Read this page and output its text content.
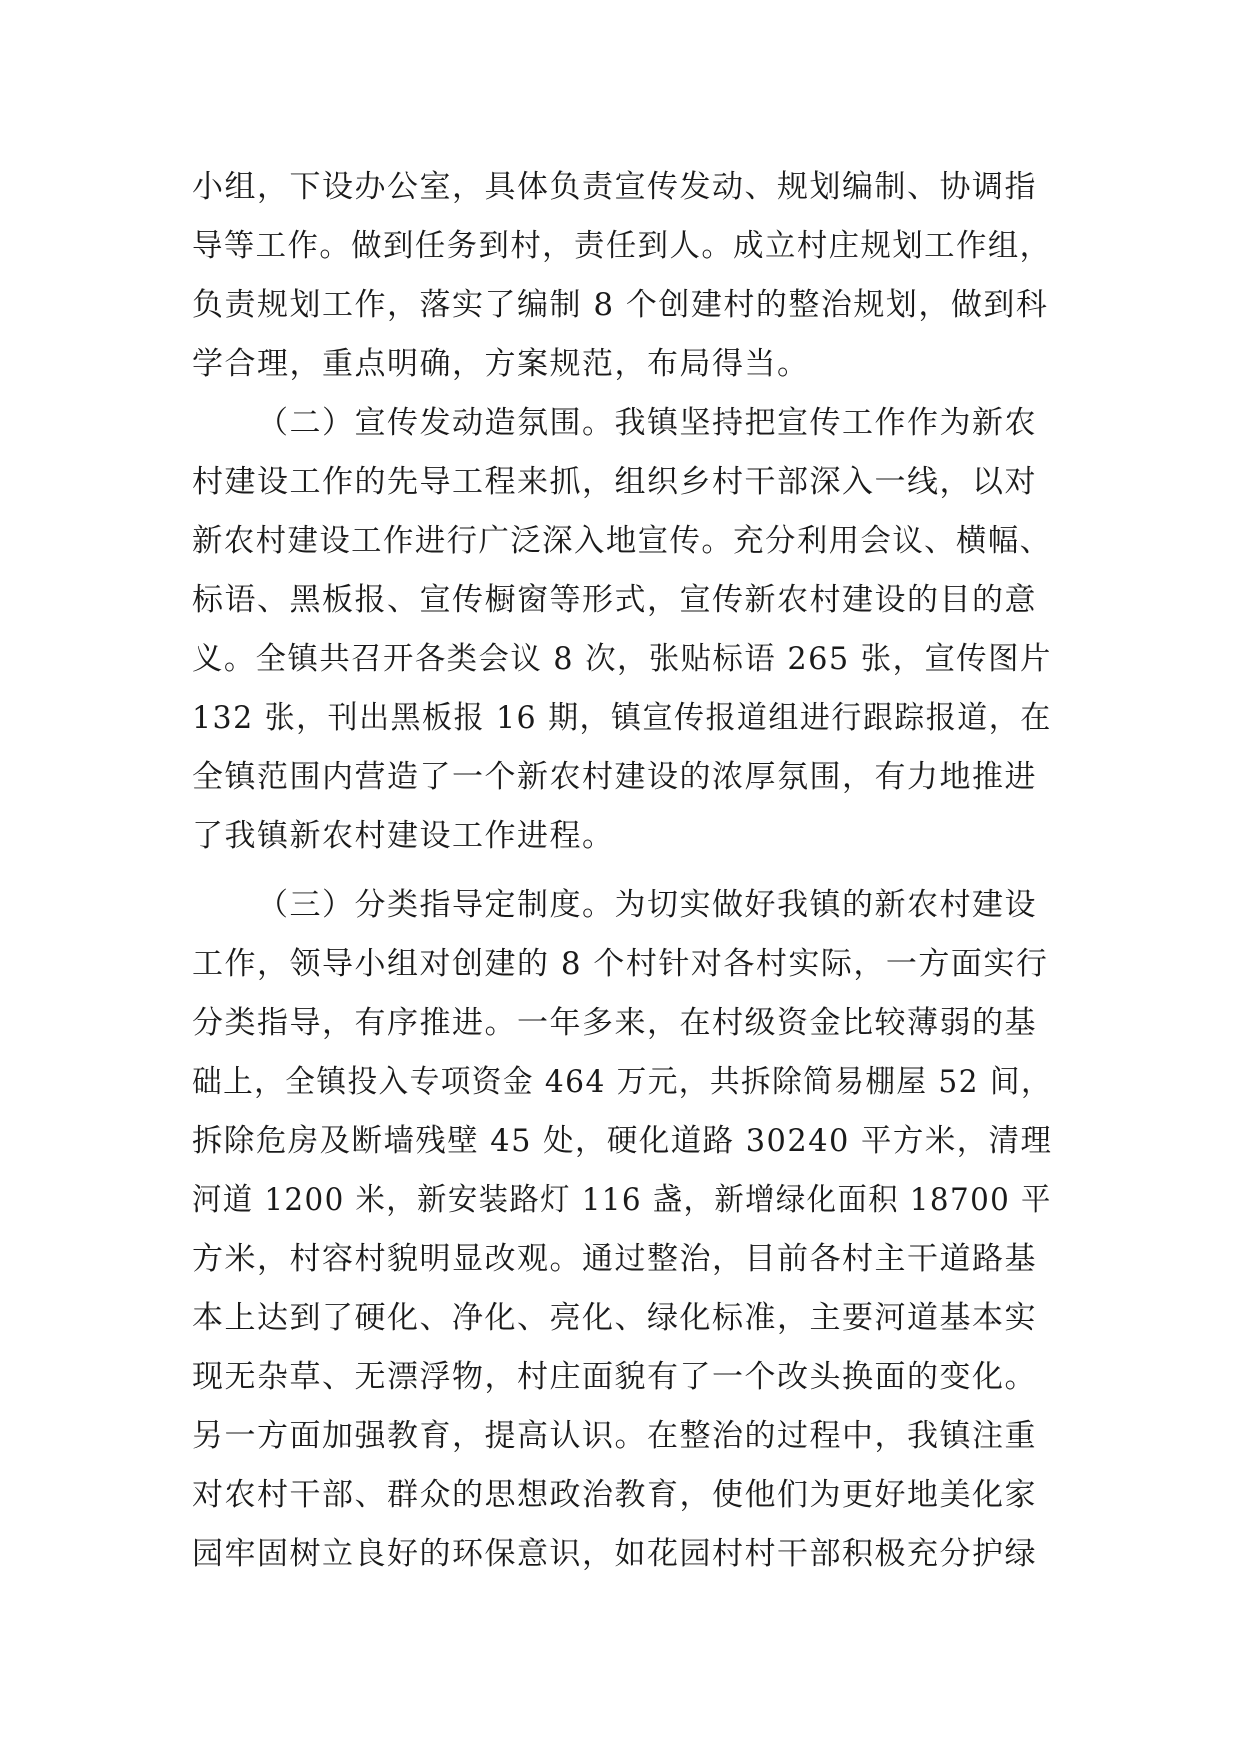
小组，下设办公室，具体负责宣传发动、规划编制、协调指
导等工作。做到任务到村，责任到人。成立村庄规划工作组，
负责规划工作，落实了编制 8 个创建村的整治规划，做到科
学合理，重点明确，方案规范，布局得当。
（二）宣传发动造氛围。我镇坚持把宣传工作作为新农
村建设工作的先导工程来抓，组织乡村干部深入一线，以对
新农村建设工作进行广泛深入地宣传。充分利用会议、横幅、
标语、黑板报、宣传橱窗等形式，宣传新农村建设的目的意
义。全镇共召开各类会议 8 次，张贴标语 265 张，宣传图片
132 张，刊出黑板报 16 期，镇宣传报道组进行跟踪报道，在
全镇范围内营造了一个新农村建设的浓厚氛围，有力地推进
了我镇新农村建设工作进程。
（三）分类指导定制度。为切实做好我镇的新农村建设
工作，领导小组对创建的 8 个村针对各村实际，一方面实行
分类指导，有序推进。一年多来，在村级资金比较薄弱的基
础上，全镇投入专项资金 464 万元，共拆除简易棚屋 52 间，
拆除危房及断墙残壁 45 处，硬化道路 30240 平方米，清理
河道 1200 米，新安装路灯 116 盏，新增绿化面积 18700 平
方米，村容村貌明显改观。通过整治，目前各村主干道路基
本上达到了硬化、净化、亮化、绿化标准，主要河道基本实
现无杂草、无漂浮物，村庄面貌有了一个改头换面的变化。
另一方面加强教育，提高认识。在整治的过程中，我镇注重
对农村干部、群众的思想政治教育，使他们为更好地美化家
园牢固树立良好的环保意识，如花园村村干部积极充分护绿
